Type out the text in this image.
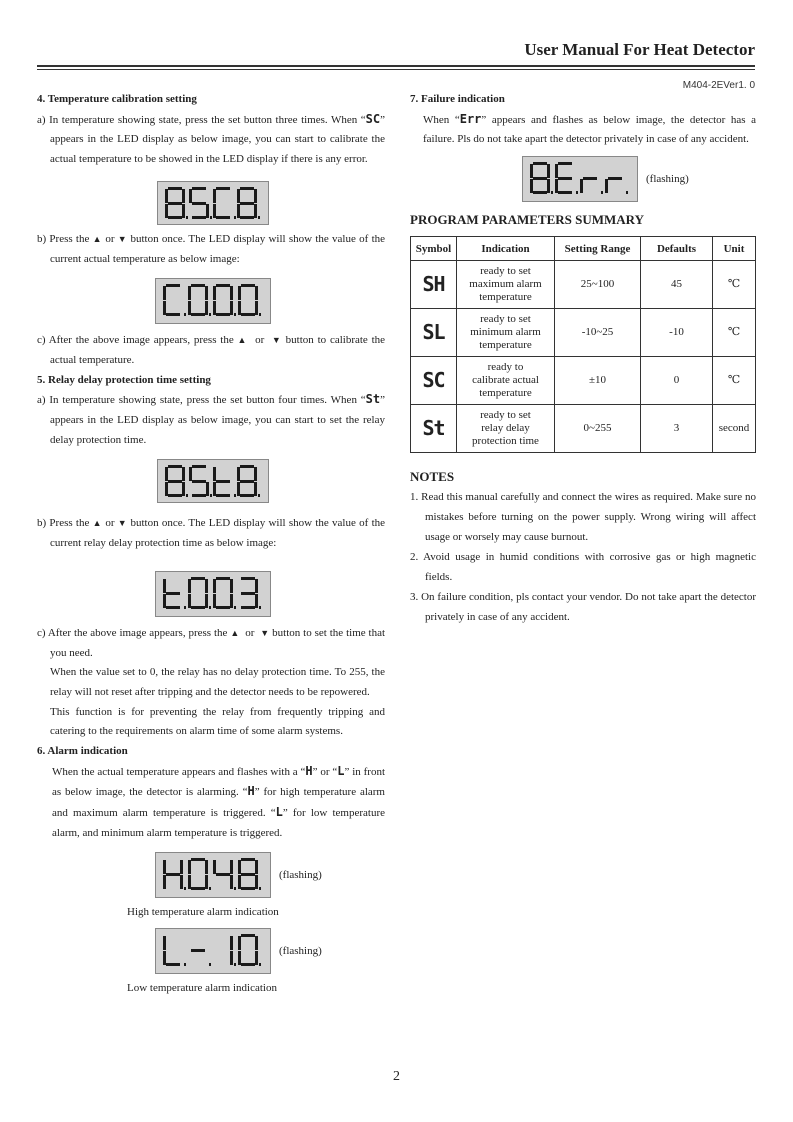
User Manual For Heat Detector
M404-2EVer1. 0
4. Temperature calibration setting
a) In temperature showing state, press the set button three times. When “SC” appears in the LED display as below image, you can start to calibrate the actual temperature to be showed in the LED display if there is any error.
b) Press the ▲ or ▼ button once. The LED display will show the value of the current actual temperature as below image:
c) After the above image appears, press the ▲ or ▼ button to calibrate the actual temperature.
5. Relay delay protection time setting
a) In temperature showing state, press the set button four times. When “St” appears in the LED display as below image, you can start to set the relay delay protection time.
b) Press the ▲ or ▼ button once. The LED display will show the value of the current relay delay protection time as below image:
c) After the above image appears, press the ▲ or ▼ button to set the time that you need.
When the value set to 0, the relay has no delay protection time. To 255, the relay will not reset after tripping and the detector needs to be repowered.
This function is for preventing the relay from frequently tripping and catering to the requirements on alarm time of some alarm systems.
6. Alarm indication
When the actual temperature appears and flashes with a “H” or “L” in front as below image, the detector is alarming. “H” for high temperature alarm and maximum alarm temperature is triggered. “L” for low temperature alarm, and minimum alarm temperature is triggered.
(flashing)
High temperature alarm indication
(flashing)
Low temperature alarm indication
7. Failure indication
When “Err” appears and flashes as below image, the detector has a failure. Pls do not take apart the detector privately in case of any accident.
(flashing)
PROGRAM PARAMETERS SUMMARY
Symbol	Indication	Setting Range	Defaults	Unit
SH	ready to set
maximum alarm
temperature	25~100	45	℃
SL	ready to set
minimum alarm
temperature	-10~25	-10	℃
SC	ready to
calibrate actual
temperature	±10	0	℃
St	ready to set
relay delay
protection time	0~255	3	second
NOTES
1. Read this manual carefully and connect the wires as required. Make sure no mistakes before turning on the power supply. Wrong wiring will affect usage or worsely may cause burnout.
2. Avoid usage in humid conditions with corrosive gas or high magnetic fields.
3. On failure condition, pls contact your vendor. Do not take apart the detector privately in case of any accident.
2
